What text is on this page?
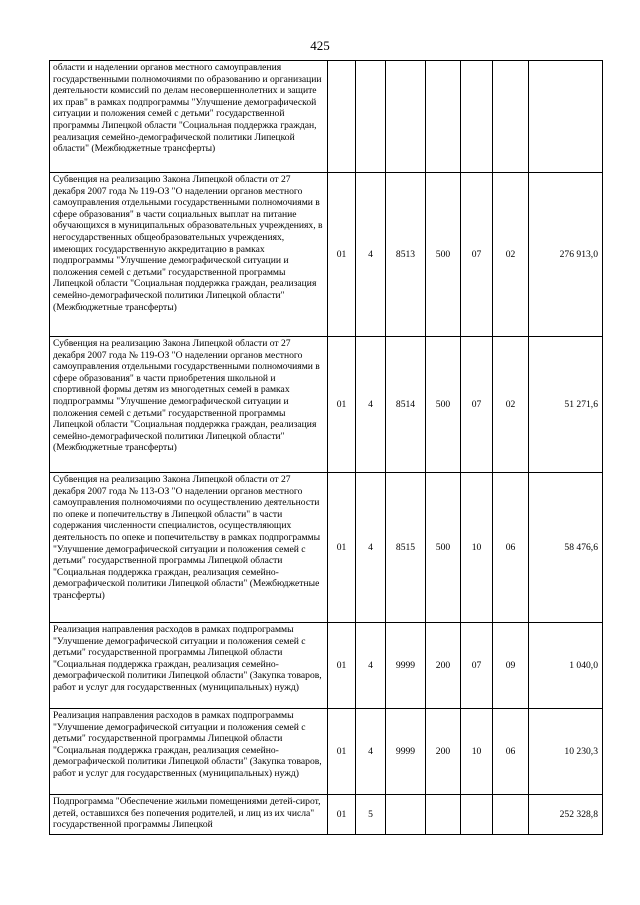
425
области и наделении органов местного самоуправления государственными полномочиями по образованию и организации деятельности комиссий по делам несовершеннолетних и защите их прав" в рамках подпрограммы "Улучшение демографической ситуации и положения семей с детьми" государственной программы Липецкой области "Социальная поддержка граждан, реализация семейно-демографической политики Липецкой области" (Межбюджетные трансферты)							
Субвенция на реализацию Закона Липецкой области от 27 декабря 2007 года № 119-ОЗ "О наделении органов местного самоуправления отдельными государственными полномочиями в сфере образования" в части социальных выплат на питание обучающихся в муниципальных образовательных учреждениях, в негосударственных общеобразовательных учреждениях, имеющих государственную аккредитацию в рамках подпрограммы "Улучшение демографической ситуации и положения семей с детьми" государственной программы Липецкой области "Социальная поддержка граждан, реализация семейно-демографической политики Липецкой области" (Межбюджетные трансферты)	01	4	8513	500	07	02	276 913,0
Субвенция на реализацию Закона Липецкой области от 27 декабря 2007 года № 119-ОЗ "О наделении органов местного самоуправления отдельными государственными полномочиями в сфере образования" в части приобретения школьной и спортивной формы детям из многодетных семей в рамках подпрограммы "Улучшение демографической ситуации и положения семей с детьми" государственной программы Липецкой области "Социальная поддержка граждан, реализация семейно-демографической политики Липецкой области" (Межбюджетные трансферты)	01	4	8514	500	07	02	51 271,6
Субвенция на реализацию Закона Липецкой области от 27 декабря 2007 года № 113-ОЗ "О наделении органов местного самоуправления полномочиями по осуществлению деятельности по опеке и попечительству в Липецкой области" в части содержания численности специалистов, осуществляющих деятельность по опеке и попечительству в рамках подпрограммы "Улучшение демографической ситуации и положения семей с детьми" государственной программы Липецкой области "Социальная поддержка граждан, реализация семейно-демографической политики Липецкой области" (Межбюджетные трансферты)	01	4	8515	500	10	06	58 476,6
Реализация направления расходов в рамках подпрограммы "Улучшение демографической ситуации и положения семей с детьми" государственной программы Липецкой области "Социальная поддержка граждан, реализация семейно-демографической политики Липецкой области" (Закупка товаров, работ и услуг для государственных (муниципальных) нужд)	01	4	9999	200	07	09	1 040,0
Реализация направления расходов в рамках подпрограммы "Улучшение демографической ситуации и положения семей с детьми" государственной программы Липецкой области "Социальная поддержка граждан, реализация семейно-демографической политики Липецкой области" (Закупка товаров, работ и услуг для государственных (муниципальных) нужд)	01	4	9999	200	10	06	10 230,3
Подпрограмма "Обеспечение жильми помещениями детей-сирот, детей, оставшихся без попечения родителей, и лиц из их числа" государственной программы Липецкой	01	5					252 328,8
